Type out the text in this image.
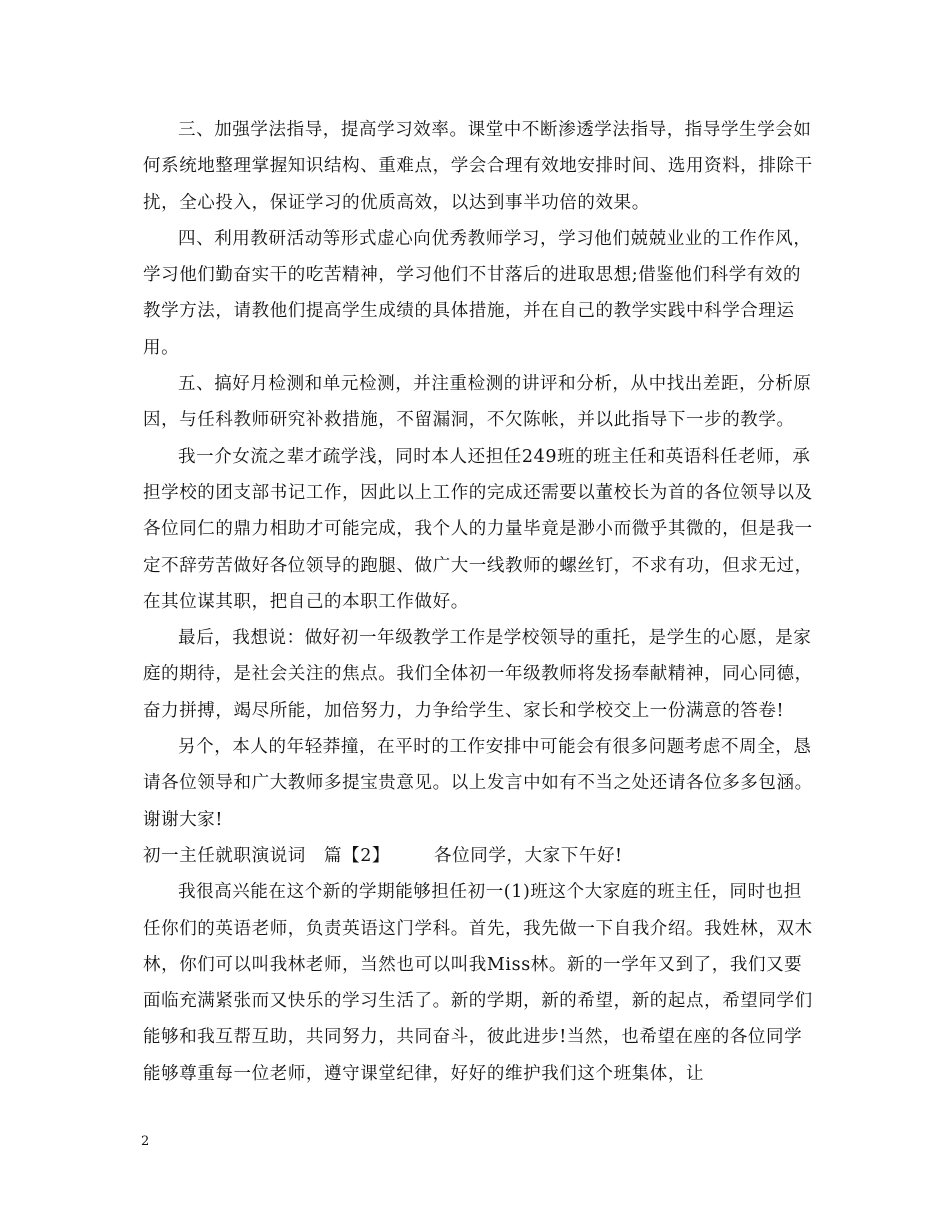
三、加强学法指导，提高学习效率。课堂中不断渗透学法指导，指导学生学会如何系统地整理掌握知识结构、重难点，学会合理有效地安排时间、选用资料，排除干扰，全心投入，保证学习的优质高效，以达到事半功倍的效果。

四、利用教研活动等形式虚心向优秀教师学习，学习他们兢兢业业的工作作风，学习他们勤奋实干的吃苦精神，学习他们不甘落后的进取思想;借鉴他们科学有效的教学方法，请教他们提高学生成绩的具体措施，并在自己的教学实践中科学合理运用。

五、搞好月检测和单元检测，并注重检测的讲评和分析，从中找出差距，分析原因，与任科教师研究补救措施，不留漏洞，不欠陈帐，并以此指导下一步的教学。

我一介女流之辈才疏学浅，同时本人还担任249班的班主任和英语科任老师，承担学校的团支部书记工作，因此以上工作的完成还需要以董校长为首的各位领导以及各位同仁的鼎力相助才可能完成，我个人的力量毕竟是渺小而微乎其微的，但是我一定不辞劳苦做好各位领导的跑腿、做广大一线教师的螺丝钉，不求有功，但求无过，在其位谋其职，把自己的本职工作做好。

最后，我想说：做好初一年级教学工作是学校领导的重托，是学生的心愿，是家庭的期待，是社会关注的焦点。我们全体初一年级教师将发扬奉献精神，同心同德，奋力拼搏，竭尽所能，加倍努力，力争给学生、家长和学校交上一份满意的答卷!

另个，本人的年轻莽撞，在平时的工作安排中可能会有很多问题考虑不周全，恳请各位领导和广大教师多提宝贵意见。以上发言中如有不当之处还请各位多多包涵。谢谢大家!

初一主任就职演说词　篇【2】	各位同学，大家下午好!

我很高兴能在这个新的学期能够担任初一(1)班这个大家庭的班主任，同时也担任你们的英语老师，负责英语这门学科。首先，我先做一下自我介绍。我姓林，双木林，你们可以叫我林老师，当然也可以叫我Miss林。新的一学年又到了，我们又要面临充满紧张而又快乐的学习生活了。新的学期，新的希望，新的起点，希望同学们能够和我互帮互助，共同努力，共同奋斗，彼此进步!当然，也希望在座的各位同学能够尊重每一位老师，遵守课堂纪律，好好的维护我们这个班集体，让

2
